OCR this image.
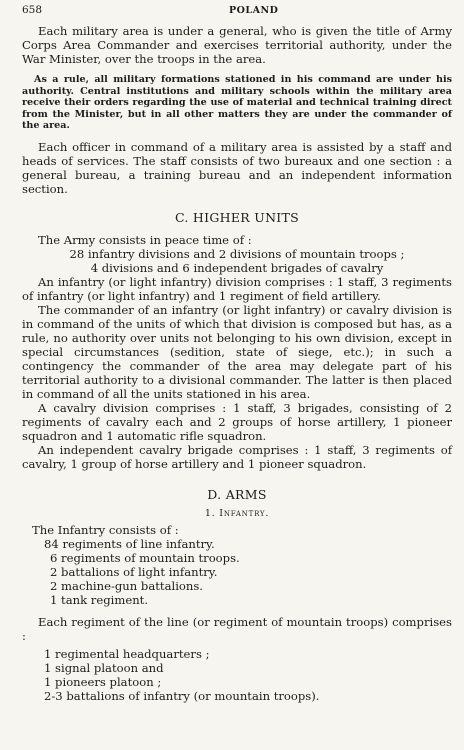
658	POLAND

Each military area is under a general, who is given the title of Army Corps Area Commander and exercises territorial authority, under the War Minister, over the troops in the area.

As a rule, all military formations stationed in his command are under his authority. Central institutions and military schools within the military area receive their orders regarding the use of material and technical training direct from the Minister, but in all other matters they are under the commander of the area.

Each officer in command of a military area is assisted by a staff and heads of services. The staff consists of two bureaux and one section : a general bureau, a training bureau and an independent information section.

C. HIGHER UNITS

The Army consists in peace time of :

28 infantry divisions and 2 divisions of mountain troops ;

4 divisions and 6 independent brigades of cavalry

An infantry (or light infantry) division comprises : 1 staff, 3 regiments of infantry (or light infantry) and 1 regiment of field artillery.

The commander of an infantry (or light infantry) or cavalry division is in command of the units of which that division is composed but has, as a rule, no authority over units not belonging to his own division, except in special circumstances (sedition, state of siege, etc.); in such a contingency the commander of the area may delegate part of his territorial authority to a divisional commander. The latter is then placed in command of all the units stationed in his area.

A cavalry division comprises : 1 staff, 3 brigades, consisting of 2 regiments of cavalry each and 2 groups of horse artillery, 1 pioneer squadron and 1 automatic rifle squadron.

An independent cavalry brigade comprises : 1 staff, 3 regiments of cavalry, 1 group of horse artillery and 1 pioneer squadron.

D. ARMS
1. Infantry.

The Infantry consists of :

84 regiments of line infantry.
6 regiments of mountain troops.
2 battalions of light infantry.
2 machine-gun battalions.
1 tank regiment.

Each regiment of the line (or regiment of mountain troops) comprises :

1 regimental headquarters ;
1 signal platoon and
1 pioneers platoon ;
2-3 battalions of infantry (or mountain troops).
